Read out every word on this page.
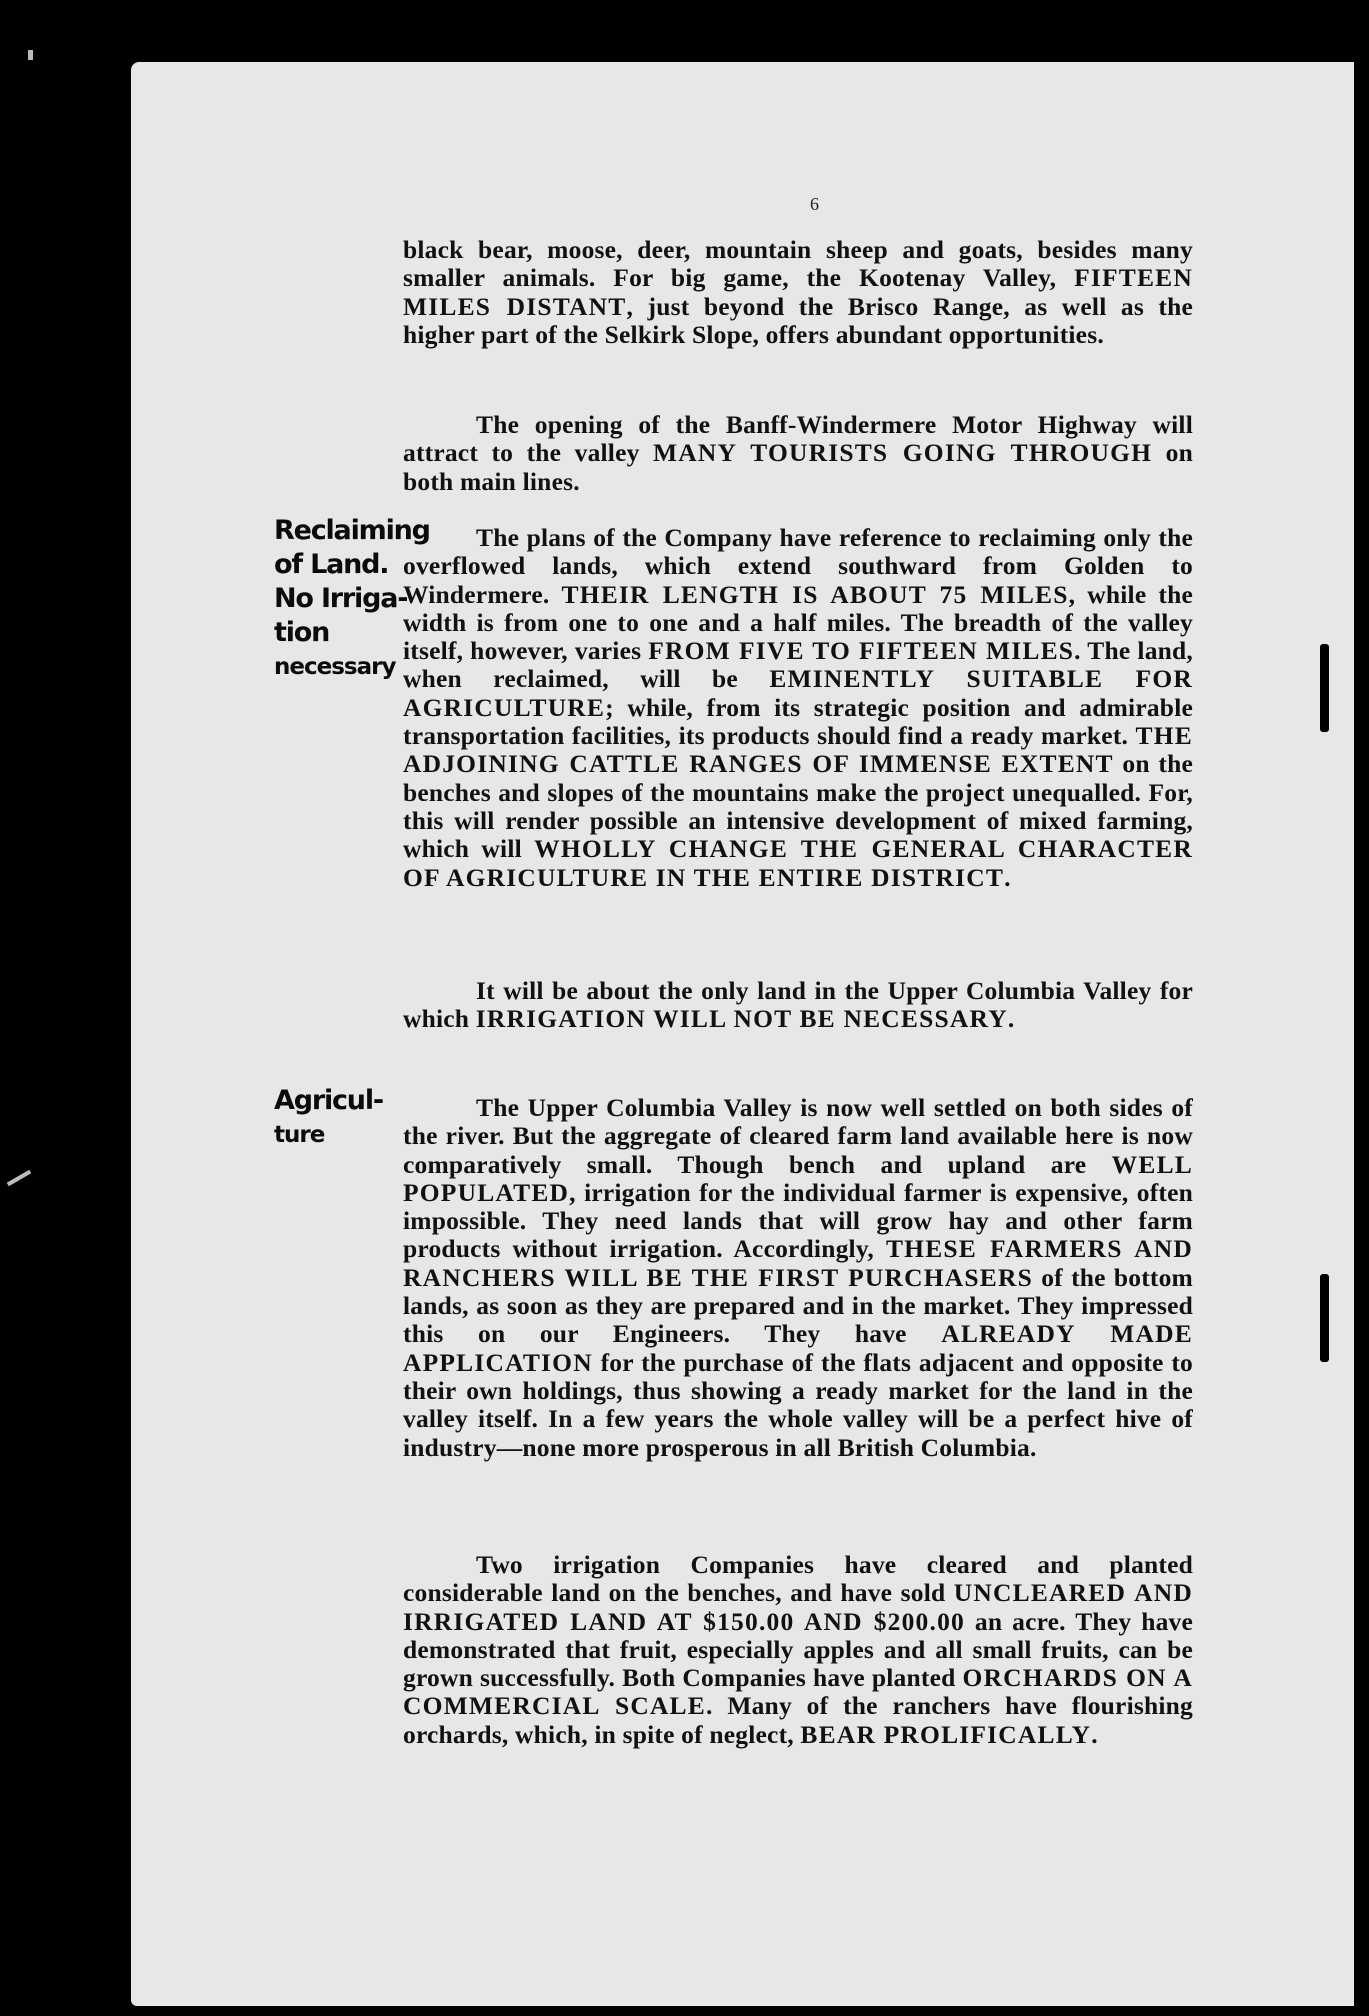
6

black bear, moose, deer, mountain sheep and goats, besides many smaller animals. For big game, the Kootenay Valley, FIFTEEN MILES DISTANT, just beyond the Brisco Range, as well as the higher part of the Selkirk Slope, offers abundant opportunities.

The opening of the Banff-Windermere Motor Highway will attract to the valley MANY TOURISTS GOING THROUGH on both main lines.

Reclaiming
of Land.
No Irriga-
tion
necessary

The plans of the Company have reference to reclaiming only the overflowed lands, which extend southward from Golden to Windermere. THEIR LENGTH IS ABOUT 75 MILES, while the width is from one to one and a half miles. The breadth of the valley itself, however, varies FROM FIVE TO FIFTEEN MILES. The land, when reclaimed, will be EMINENTLY SUITABLE FOR AGRICULTURE; while, from its strategic position and admirable transportation facilities, its products should find a ready market. THE ADJOINING CATTLE RANGES OF IMMENSE EXTENT on the benches and slopes of the mountains make the project unequalled. For, this will render possible an intensive development of mixed farming, which will WHOLLY CHANGE THE GENERAL CHARACTER OF AGRICULTURE IN THE ENTIRE DISTRICT.

It will be about the only land in the Upper Columbia Valley for which IRRIGATION WILL NOT BE NECESSARY.

Agricul-
ture

The Upper Columbia Valley is now well settled on both sides of the river. But the aggregate of cleared farm land available here is now comparatively small. Though bench and upland are WELL POPULATED, irrigation for the individual farmer is expensive, often impossible. They need lands that will grow hay and other farm products without irrigation. Accordingly, THESE FARMERS AND RANCHERS WILL BE THE FIRST PURCHASERS of the bottom lands, as soon as they are prepared and in the market. They impressed this on our Engineers. They have ALREADY MADE APPLICATION for the purchase of the flats adjacent and opposite to their own holdings, thus showing a ready market for the land in the valley itself. In a few years the whole valley will be a perfect hive of industry—none more prosperous in all British Columbia.

Two irrigation Companies have cleared and planted considerable land on the benches, and have sold UNCLEARED AND IRRIGATED LAND AT $150.00 AND $200.00 an acre. They have demonstrated that fruit, especially apples and all small fruits, can be grown successfully. Both Companies have planted ORCHARDS ON A COMMERCIAL SCALE. Many of the ranchers have flourishing orchards, which, in spite of neglect, BEAR PROLIFICALLY.
